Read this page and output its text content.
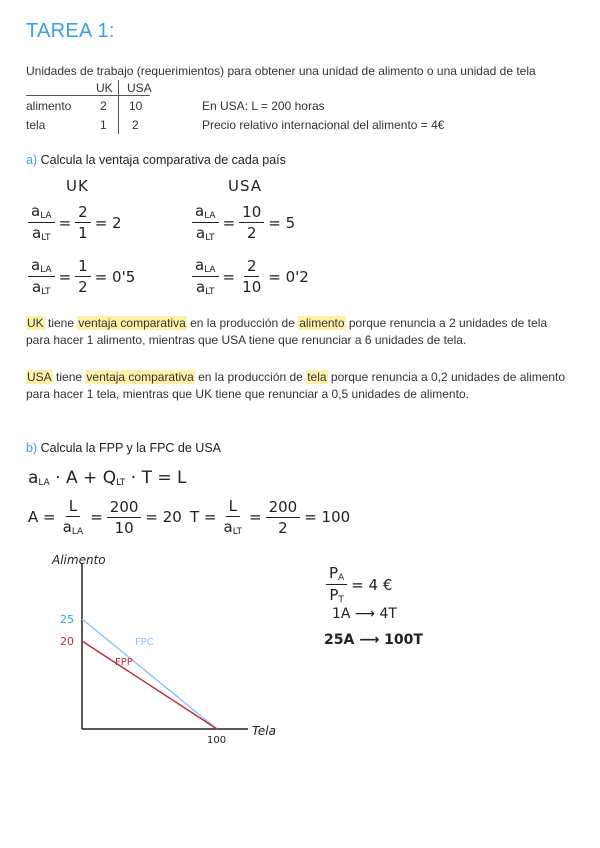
TAREA 1:
Unidades de trabajo (requerimientos) para obtener una unidad de alimento o una unidad de tela
UK USA
alimento 2 10
tela	1 2
En USA: L = 200 horas
Precio relativo internacional del alimento = 4€
a) Calcula la ventaja comparativa de cada país
UK	USA
$\frac{a_{LA}}{a_{LT}} = \frac{2}{1} = 2$
$\frac{a_{LA}}{a_{LT}} = \frac{1}{2} = 0'5$
$\frac{a_{LA}}{a_{LT}} = \frac{10}{2} = 5$
$\frac{a_{LA}}{a_{LT}} = \frac{2}{10} = 0'2$
UK tiene ventaja comparativa en la producción de alimento porque renuncia a 2 unidades de tela para hacer 1 alimento, mientras que USA tiene que renunciar a 6 unidades de tela.
USA tiene ventaja comparativa en la producción de tela porque renuncia a 0,2 unidades de alimento para hacer 1 tela, mientras que UK tiene que renunciar a 0,5 unidades de alimento.
b) Calcula la FPP y la FPC de USA
$a_{LA} \cdot A + Q_{LT} \cdot T = L$
$A = \frac{L}{a_{LA}} = \frac{200}{10} = 20$ $T = \frac{L}{a_{LT}} = \frac{200}{2} = 100$
Alimento
Tela
25
20
100
FPC
FPP
$\frac{P_A}{P_T} = 4$ €
1A ⟶ 4T
25A ⟶ 100T
